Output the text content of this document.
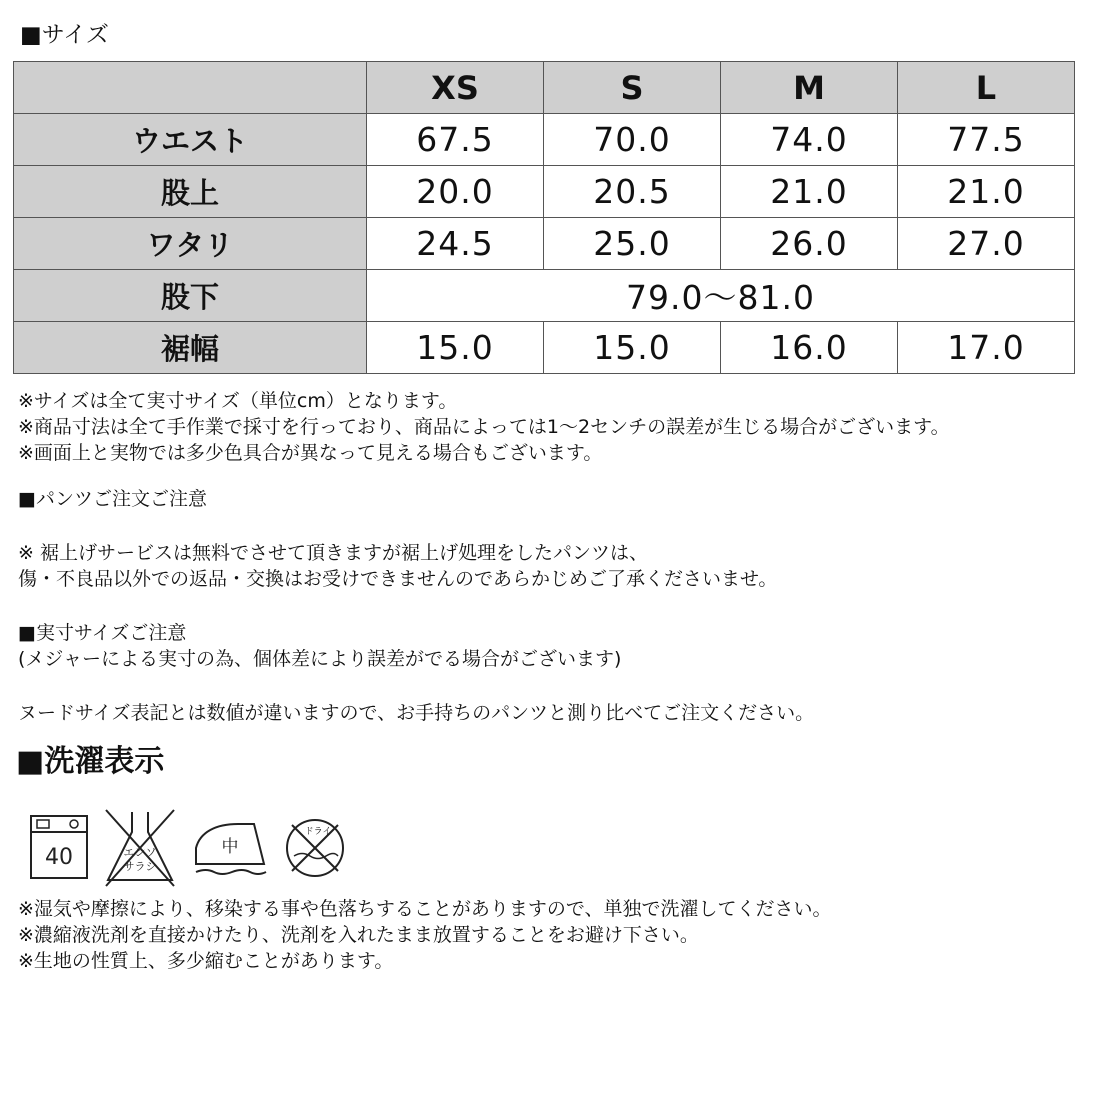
■サイズ
	XS	S	M	L
ウエスト	67.5	70.0	74.0	77.5
股上	20.0	20.5	21.0	21.0
ワタリ	24.5	25.0	26.0	27.0
股下	79.0〜81.0			
裾幅	15.0	15.0	16.0	17.0

※サイズは全て実寸サイズ（単位cm）となります。

※商品寸法は全て手作業で採寸を行っており、商品によっては1〜2センチの誤差が生じる場合がございます。

※画面上と実物では多少色具合が異なって見える場合もございます。

■パンツご注文ご注意

※ 裾上げサービスは無料でさせて頂きますが裾上げ処理をしたパンツは、

傷・不良品以外での返品・交換はお受けできませんのであらかじめご了承くださいませ。

■実寸サイズご注意

(メジャーによる実寸の為、個体差により誤差がでる場合がございます)

ヌードサイズ表記とは数値が違いますので、お手持ちのパンツと測り比べてご注文ください。
■洗濯表示
40	エンソ
サラシ
中
ドライ

※湿気や摩擦により、移染する事や色落ちすることがありますので、単独で洗濯してください。

※濃縮液洗剤を直接かけたり、洗剤を入れたまま放置することをお避け下さい。

※生地の性質上、多少縮むことがあります。
